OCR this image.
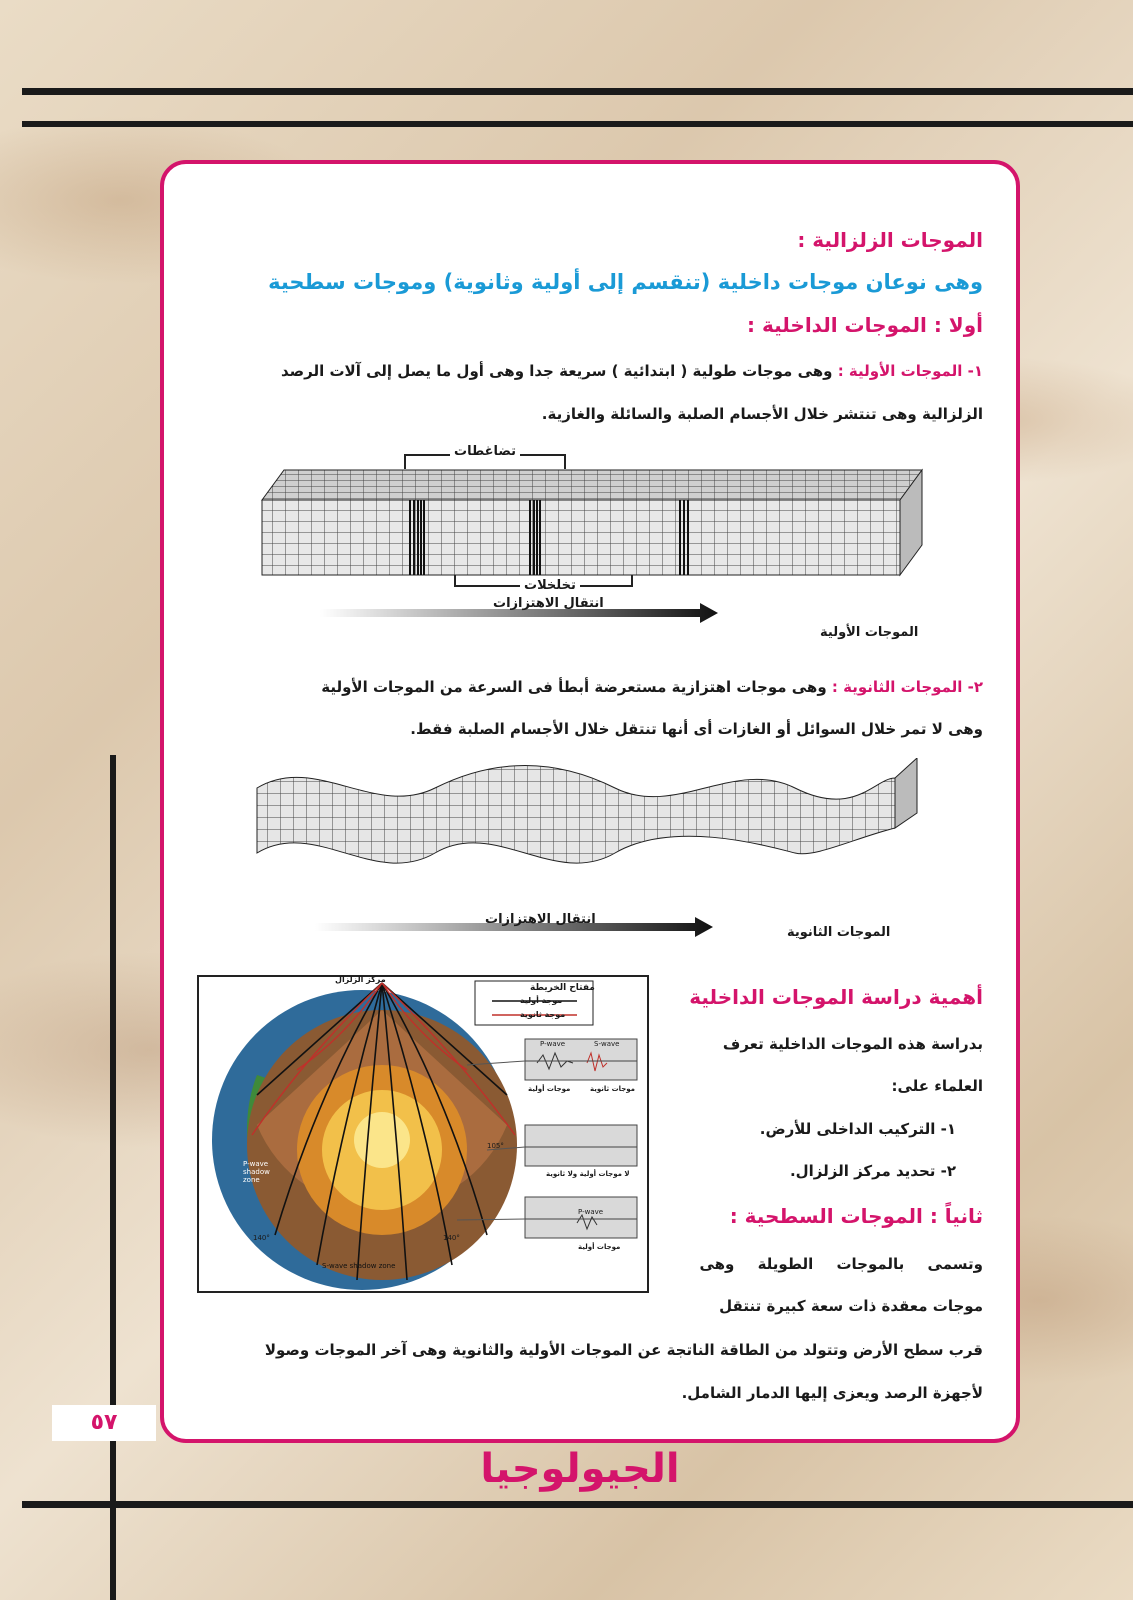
الموجات الزلزالية :
وهى نوعان موجات داخلية (تنقسم إلى أولية وثانوية) وموجات سطحية
أولا : الموجات الداخلية :
١- الموجات الأولية : وهى موجات طولية ( ابتدائية ) سريعة جدا وهى أول ما يصل إلى آلات الرصد
الزلزالية وهى تنتشر خلال الأجسام الصلبة والسائلة والغازية.
تضاغطات
تخلخلات
انتقال الاهتزازات
الموجات الأولية
٢- الموجات الثانوية : وهى موجات اهتزازية مستعرضة أبطأ فى السرعة من الموجات الأولية
وهى لا تمر خلال السوائل أو الغازات أى أنها تنتقل خلال الأجسام الصلبة فقط.
انتقال الاهتزازات
الموجات الثانوية
مركز الزلزال
مفتاح الخريطة
موجة أولية
موجة ثانوية
P-wave	S-wave
موجات أولية	موجات ثانوية
لا موجات أولية ولا ثانوية
P-wave
موجات أولية
P-wave shadow zone
S-wave shadow zone
105°
140°	140°
أهمية دراسة الموجات الداخلية
بدراسة هذه الموجات الداخلية تعرف
العلماء على:
١- التركيب الداخلى للأرض.
٢- تحديد مركز الزلزال.
ثانياً : الموجات السطحية :
وتسمى بالموجات الطويلة وهى
موجات معقدة ذات سعة كبيرة تنتقل
قرب سطح الأرض وتتولد من الطاقة الناتجة عن الموجات الأولية والثانوية وهى آخر الموجات وصولا
لأجهزة الرصد ويعزى إليها الدمار الشامل.
٥٧
الجيولوجيا
